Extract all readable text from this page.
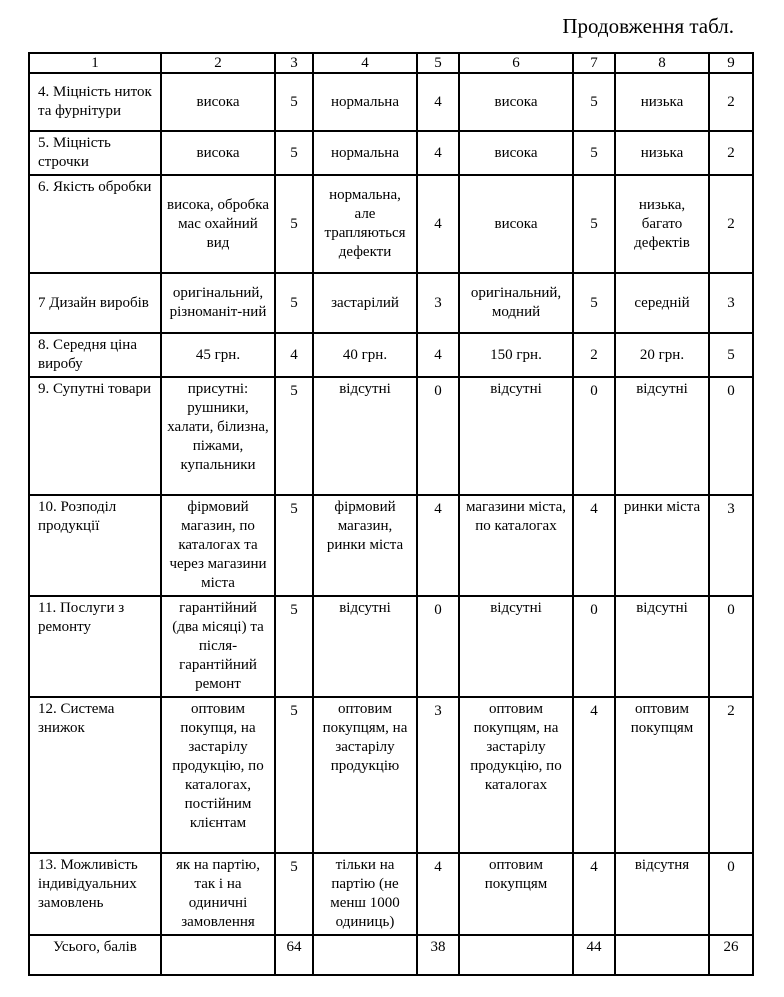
Продовження табл.
1	2	3	4	5	6	7	8	9
4. Міцність ниток та фурнітури	висока	5	нормальна	4	висока	5	низька	2
5. Міцність строчки	висока	5	нормальна	4	висока	5	низька	2
6. Якість обробки	висока, обробка мас охайний вид	5	нормальна, але трапляються дефекти	4	висока	5	низька, багато дефектів	2
7 Дизайн виробів	оригінальний, різноманіт-ний	5	застарілий	3	оригінальний, модний	5	середній	3
8. Середня ціна виробу	45 грн.	4	40 грн.	4	150 грн.	2	20 грн.	5
9. Супутні товари	присутні: рушники, халати, білизна, піжами, купальники	5	відсутні	0	відсутні	0	відсутні	0
10. Розподіл продукції	фірмовий магазин, по каталогах та через магазини міста	5	фірмовий магазин, ринки міста	4	магазини міста, по каталогах	4	ринки міста	3
11. Послуги з ремонту	гарантійний (два місяці) та після-гарантійний ремонт	5	відсутні	0	відсутні	0	відсутні	0
12. Система знижок	оптовим покупця, на застарілу продукцію, по каталогах, постійним клієнтам	5	оптовим покупцям, на застарілу продукцію	3	оптовим покупцям, на застарілу продукцію, по каталогах	4	оптовим покупцям	2
13. Можливість індивідуальних замовлень	як на партію, так і на одиничні замовлення	5	тільки на партію (не менш 1000 одиниць)	4	оптовим покупцям	4	відсутня	0
Усього, балів		64		38		44		26
